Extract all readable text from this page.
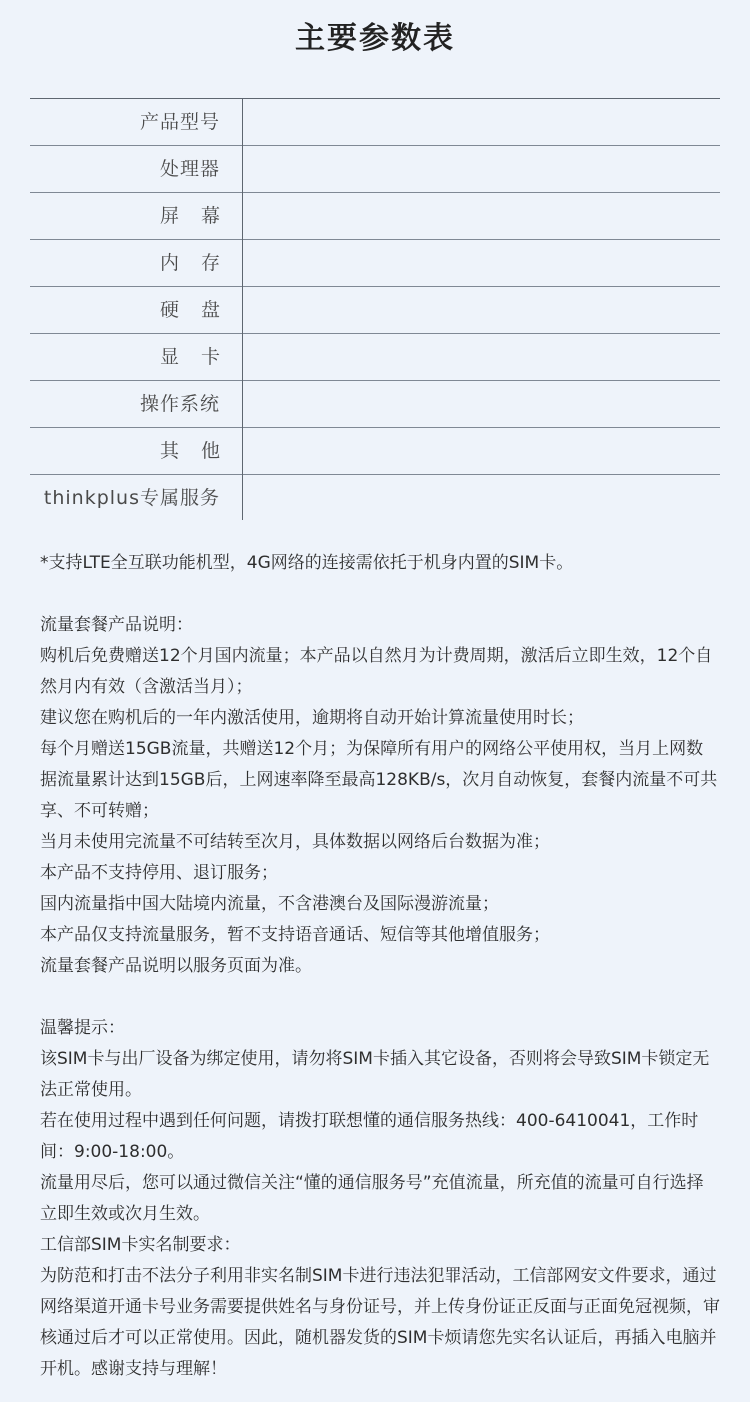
主要参数表
产品型号
处理器
屏幕
内存
硬盘
显卡
操作系统
其他
thinkplus专属服务

*支持LTE全互联功能机型，4G网络的连接需依托于机身内置的SIM卡。

流量套餐产品说明：

购机后免费赠送12个月国内流量；本产品以自然月为计费周期，激活后立即生效，12个自然月内有效（含激活当月）；

建议您在购机后的一年内激活使用，逾期将自动开始计算流量使用时长；

每个月赠送15GB流量，共赠送12个月；为保障所有用户的网络公平使用权，当月上网数据流量累计达到15GB后，上网速率降至最高128KB/s，次月自动恢复，套餐内流量不可共享、不可转赠；

当月未使用完流量不可结转至次月，具体数据以网络后台数据为准；

本产品不支持停用、退订服务；

国内流量指中国大陆境内流量，不含港澳台及国际漫游流量；

本产品仅支持流量服务，暂不支持语音通话、短信等其他增值服务；

流量套餐产品说明以服务页面为准。

温馨提示：

该SIM卡与出厂设备为绑定使用，请勿将SIM卡插入其它设备，否则将会导致SIM卡锁定无法正常使用。

若在使用过程中遇到任何问题，请拨打联想懂的通信服务热线：400-6410041，工作时间：9:00-18:00。

流量用尽后，您可以通过微信关注“懂的通信服务号”充值流量，所充值的流量可自行选择立即生效或次月生效。

工信部SIM卡实名制要求：

为防范和打击不法分子利用非实名制SIM卡进行违法犯罪活动，工信部网安文件要求，通过网络渠道开通卡号业务需要提供姓名与身份证号，并上传身份证正反面与正面免冠视频，审核通过后才可以正常使用。因此，随机器发货的SIM卡烦请您先实名认证后，再插入电脑并开机。感谢支持与理解！
